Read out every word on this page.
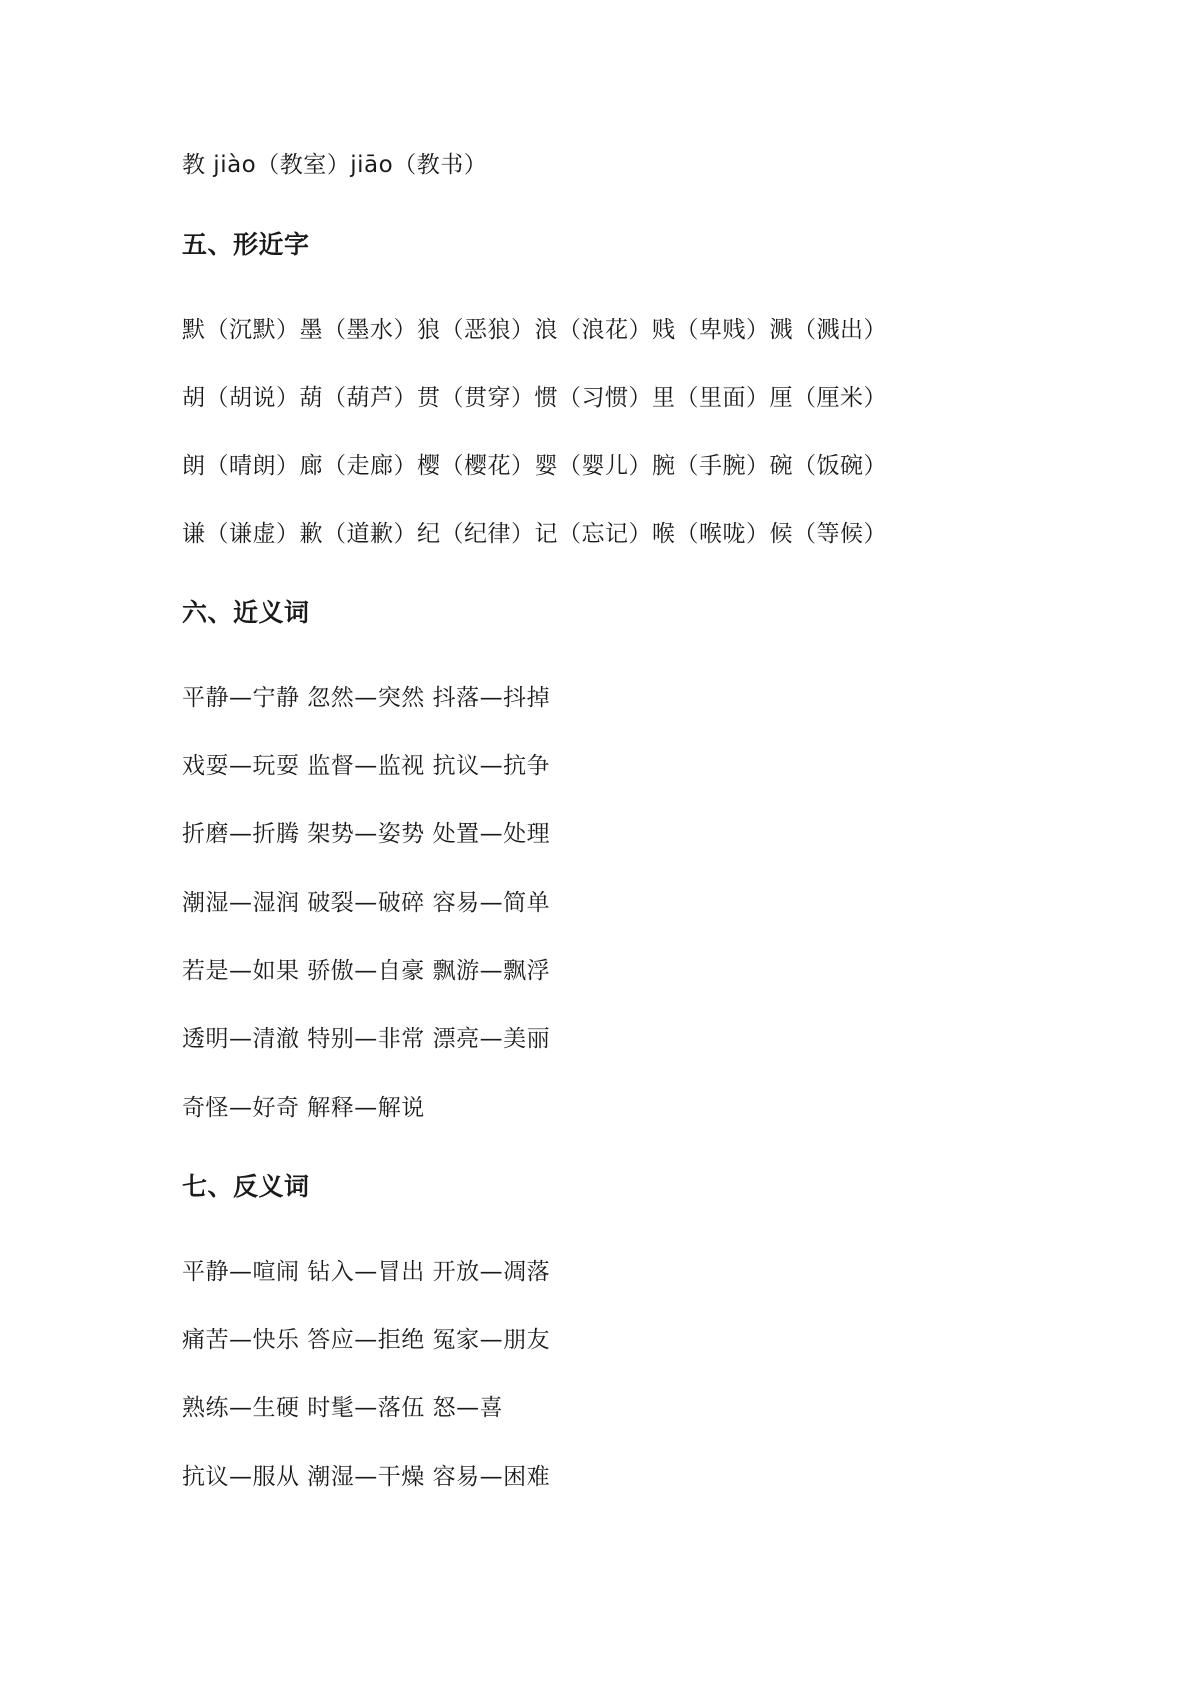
教 jiào（教室）jiāo（教书）
五、形近字
默（沉默）墨（墨水）狼（恶狼）浪（浪花）贱（卑贱）溅（溅出）
胡（胡说）葫（葫芦）贯（贯穿）惯（习惯）里（里面）厘（厘米）
朗（晴朗）廊（走廊）樱（樱花）婴（婴儿）腕（手腕）碗（饭碗）
谦（谦虚）歉（道歉）纪（纪律）记（忘记）喉（喉咙）候（等候）
六、近义词
平静—宁静 忽然—突然 抖落—抖掉
戏耍—玩耍 监督—监视 抗议—抗争
折磨—折腾 架势—姿势 处置—处理
潮湿—湿润 破裂—破碎 容易—简单
若是—如果 骄傲—自豪 飘游—飘浮
透明—清澈 特别—非常 漂亮—美丽
奇怪—好奇 解释—解说
七、反义词
平静—喧闹 钻入—冒出 开放—凋落
痛苦—快乐 答应—拒绝 冤家—朋友
熟练—生硬 时髦—落伍 怒—喜
抗议—服从 潮湿—干燥 容易—困难
